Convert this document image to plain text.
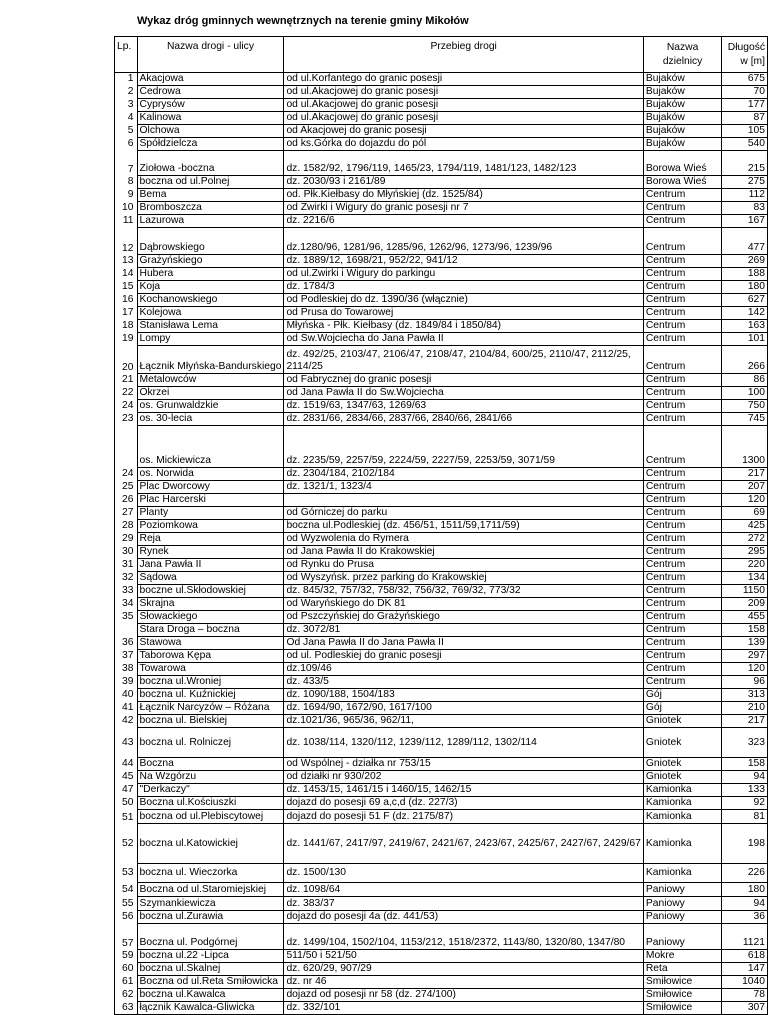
Wykaz dróg gminnych wewnętrznych na terenie gminy Mikołów
Lp.	Nazwa drogi - ulicy	Przebieg drogi	Nazwa dzielnicy	Długość w [m]

1	Akacjowa	od ul.Korfantego do granic posesji	Bujaków	675
2	Cedrowa	od ul.Akacjowej do granic posesji	Bujaków	70
3	Cyprysów	od ul.Akacjowej do granic posesji	Bujaków	177
4	Kalinowa	od ul.Akacjowej do granic posesji	Bujaków	87
5	Olchowa	od Akacjowej do granic posesji	Bujaków	105
6	Spółdzielcza	od ks.Górka do dojazdu do pól	Bujaków	540
7	Ziołowa -boczna	dz. 1582/92, 1796/119, 1465/23, 1794/119, 1481/123, 1482/123	Borowa Wieś	215
8	boczna od ul.Polnej	dz. 2030/93 i 2161/89	Borowa Wieś	275
9	Bema	od. Płk.Kiełbasy do Młyńskiej (dz. 1525/84)	Centrum	112
10	Bromboszcza	od Żwirki i Wigury do granic posesji nr 7	Centrum	83
11	Lazurowa	dz. 2216/6	Centrum	167
12	Dąbrowskiego	dz.1280/96, 1281/96, 1285/96, 1262/96, 1273/96, 1239/96	Centrum	477
13	Grażyńskiego	dz. 1889/12, 1698/21, 952/22, 941/12	Centrum	269
14	Hubera	od ul.Żwirki i Wigury do parkingu	Centrum	188
15	Koja	dz. 1784/3	Centrum	180
16	Kochanowskiego	od Podleskiej do dz. 1390/36 (włącznie)	Centrum	627
17	Kolejowa	od Prusa do Towarowej	Centrum	142
18	Stanisława Lema	Młyńska - Płk. Kiełbasy (dz. 1849/84 i 1850/84)	Centrum	163
19	Lompy	od Św.Wojciecha do Jana Pawła II	Centrum	101
20	Łącznik Młyńska-Bandurskiego	dz. 492/25, 2103/47, 2106/47, 2108/47, 2104/84, 600/25, 2110/47, 2112/25, 2114/25	Centrum	266
21	Metalowców	od Fabrycznej do granic posesji	Centrum	86
22	Okrzei	od Jana Pawła II do Św.Wojciecha	Centrum	100
24	os. Grunwaldzkie	dz. 1519/63, 1347/63, 1269/63	Centrum	750
23	os. 30-lecia	dz. 2831/66, 2834/66, 2837/66, 2840/66, 2841/66	Centrum	745
	os. Mickiewicza	dz. 2235/59, 2257/59, 2224/59, 2227/59, 2253/59, 3071/59	Centrum	1300
24	os. Norwida	dz. 2304/184, 2102/184	Centrum	217
25	Plac Dworcowy	dz. 1321/1, 1323/4	Centrum	207
26	Plac Harcerski		Centrum	120
27	Planty	od Górniczej do parku	Centrum	69
28	Poziomkowa	boczna ul.Podleskiej (dz. 456/51, 1511/59,1711/59)	Centrum	425
29	Reja	od Wyzwolenia do Rymera	Centrum	272
30	Rynek	od Jana Pawła II do Krakowskiej	Centrum	295
31	Jana Pawła II	od Rynku do Prusa	Centrum	220
32	Sądowa	od Wyszyńsk. przez parking do Krakowskiej	Centrum	134
33	boczne ul.Skłodowskiej	dz. 845/32, 757/32, 758/32, 756/32, 769/32, 773/32	Centrum	1150
34	Skrajna	od Waryńskiego do DK 81	Centrum	209
35	Słowackiego	od Pszczyńskiej do Grażyńskiego	Centrum	455
	Stara Droga – boczna	dz. 3072/81	Centrum	158
36	Stawowa	Od Jana Pawła II do Jana Pawła II	Centrum	139
37	Taborowa Kępa	od ul. Podleskiej do granic posesji	Centrum	297
38	Towarowa	dz.109/46	Centrum	120
39	boczna ul.Wroniej	dz. 433/5	Centrum	96
40	boczna ul. Kuźnickiej	dz. 1090/188, 1504/183	Gój	313
41	Łącznik Narcyzów – Różana	dz. 1694/90, 1672/90, 1617/100	Gój	210
42	boczna ul. Bielskiej	dz.1021/36, 965/36, 962/11,	Gniotek	217
43	boczna ul. Rolniczej	dz. 1038/114, 1320/112, 1239/112, 1289/112, 1302/114	Gniotek	323
44	Boczna	od Wspólnej - działka nr 753/15	Gniotek	158
45	Na Wzgórzu	od działki nr 930/202	Gniotek	94
47	"Derkaczy"	dz. 1453/15, 1461/15 i 1460/15, 1462/15	Kamionka	133
50	Boczna ul.Kościuszki	dojazd do posesji 69 a,c,d (dz. 227/3)	Kamionka	92
51	boczna od ul.Plebiscytowej	dojazd do posesji 51 F (dz. 2175/87)	Kamionka	81
52	boczna ul.Katowickiej	dz. 1441/67, 2417/97, 2419/67, 2421/67, 2423/67, 2425/67, 2427/67, 2429/67	Kamionka	198
53	boczna ul. Wieczorka	dz. 1500/130	Kamionka	226
54	Boczna od ul.Staromiejskiej	dz. 1098/64	Paniowy	180
55	Szymankiewicza	dz. 383/37	Paniowy	94
56	boczna ul.Żurawia	dojazd do posesji 4a (dz. 441/53)	Paniowy	36
57	Boczna ul. Podgórnej	dz. 1499/104, 1502/104, 1153/212, 1518/2372, 1143/80, 1320/80, 1347/80	Paniowy	1121
59	boczna ul.22 -Lipca	511/50 i 521/50	Mokre	618
60	boczna ul.Skalnej	dz. 620/29, 907/29	Reta	147
61	Boczna od ul.Reta Śmiłowicka	dz. nr 46	Śmiłowice	1040
62	boczna ul.Kawalca	dojazd od posesji nr 58 (dz. 274/100)	Śmiłowice	78
63	łącznik Kawalca-Gliwicka	dz. 332/101	Śmiłowice	307
